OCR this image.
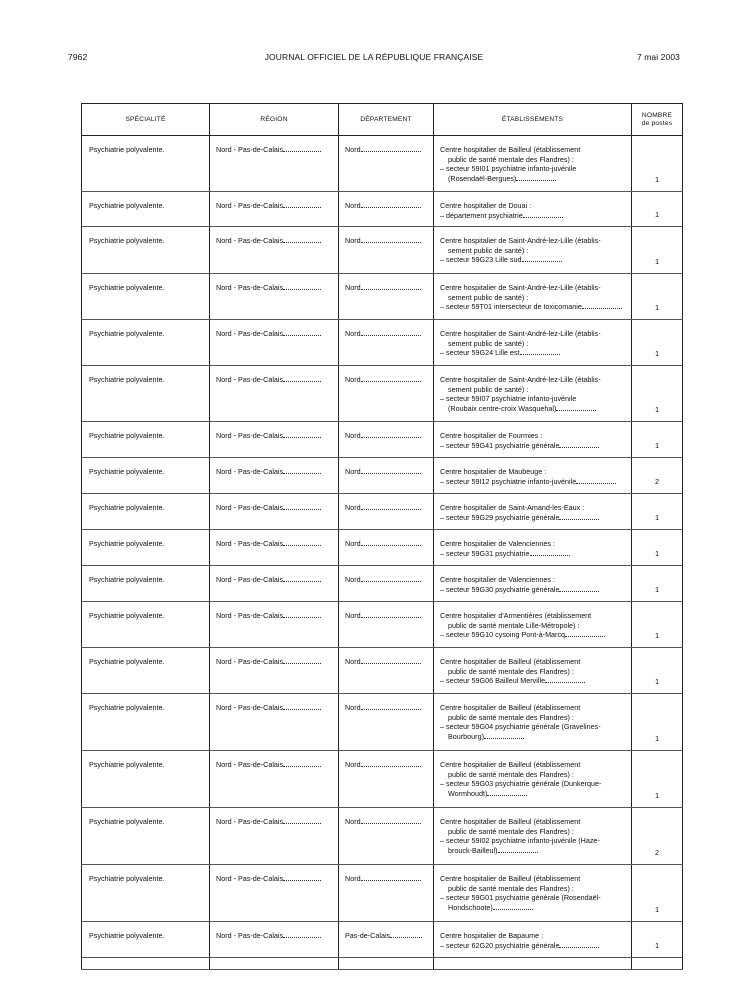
7962	JOURNAL OFFICIEL DE LA RÉPUBLIQUE FRANÇAISE	7 mai 2003
SPÉCIALITÉ	RÉGION	DÉPARTEMENT	ÉTABLISSEMENTS	NOMBRE
de postes
Psychiatrie polyvalente.	Nord - Pas-de-Calais	Nord	Centre hospitalier de Bailleul (établissement
public de santé mentale des Flandres) :
– secteur 59I01 psychiatrie infanto-juvénile
(Rosendaël-Bergues)	1
Psychiatrie polyvalente.	Nord - Pas-de-Calais	Nord	Centre hospitalier de Douai :
– département psychiatrie	1
Psychiatrie polyvalente.	Nord - Pas-de-Calais	Nord	Centre hospitalier de Saint-André-lez-Lille (établis-
sement public de santé) :
– secteur 59G23 Lille sud	1
Psychiatrie polyvalente.	Nord - Pas-de-Calais	Nord	Centre hospitalier de Saint-André-lez-Lille (établis-
sement public de santé) :
– secteur 59T01 intersecteur de toxicomanie	1
Psychiatrie polyvalente.	Nord - Pas-de-Calais	Nord	Centre hospitalier de Saint-André-lez-Lille (établis-
sement public de santé) :
– secteur 59G24 Lille est	1
Psychiatrie polyvalente.	Nord - Pas-de-Calais	Nord	Centre hospitalier de Saint-André-lez-Lille (établis-
sement public de santé) :
– secteur 59I07 psychiatrie infanto-juvénile
(Roubaix centre-croix Wasquehal)	1
Psychiatrie polyvalente.	Nord - Pas-de-Calais	Nord	Centre hospitalier de Fourmies :
– secteur 59G41 psychiatrie générale	1
Psychiatrie polyvalente.	Nord - Pas-de-Calais	Nord	Centre hospitalier de Maubeuge :
– secteur 59I12 psychiatrie infanto-juvénile	2
Psychiatrie polyvalente.	Nord - Pas-de-Calais	Nord	Centre hospitalier de Saint-Amand-les-Eaux :
– secteur 59G29 psychiatrie générale	1
Psychiatrie polyvalente.	Nord - Pas-de-Calais	Nord	Centre hospitalier de Valenciennes :
– secteur 59G31 psychiatrie	1
Psychiatrie polyvalente.	Nord - Pas-de-Calais	Nord	Centre hospitalier de Valenciennes :
– secteur 59G30 psychiatrie générale	1
Psychiatrie polyvalente.	Nord - Pas-de-Calais	Nord	Centre hospitalier d'Armentières (établissement
public de santé mentale Lille-Métropole) :
– secteur 59G10 cysoing Pont-à-Marcq	1
Psychiatrie polyvalente.	Nord - Pas-de-Calais	Nord	Centre hospitalier de Bailleul (établissement
public de santé mentale des Flandres) :
– secteur 59G06 Bailleul Merville	1
Psychiatrie polyvalente.	Nord - Pas-de-Calais	Nord	Centre hospitalier de Bailleul (établissement
public de santé mentale des Flandres) :
– secteur 59G04 psychiatrie générale (Gravelines-
Bourbourg)	1
Psychiatrie polyvalente.	Nord - Pas-de-Calais	Nord	Centre hospitalier de Bailleul (établissement
public de santé mentale des Flandres) :
– secteur 59G03 psychiatrie générale (Dunkerque-
Wormhoudt)	1
Psychiatrie polyvalente.	Nord - Pas-de-Calais	Nord	Centre hospitalier de Bailleul (établissement
public de santé mentale des Flandres) :
– secteur 59I02 psychiatrie infanto-juvénile (Haze-
brouck-Bailleul)	2
Psychiatrie polyvalente.	Nord - Pas-de-Calais	Nord	Centre hospitalier de Bailleul (établissement
public de santé mentale des Flandres) :
– secteur 59G01 psychiatrie générale (Rosendaël-
Hondschoote)	1
Psychiatrie polyvalente.	Nord - Pas-de-Calais	Pas-de-Calais	Centre hospitalier de Bapaume :
– secteur 62G20 psychiatrie générale	1
